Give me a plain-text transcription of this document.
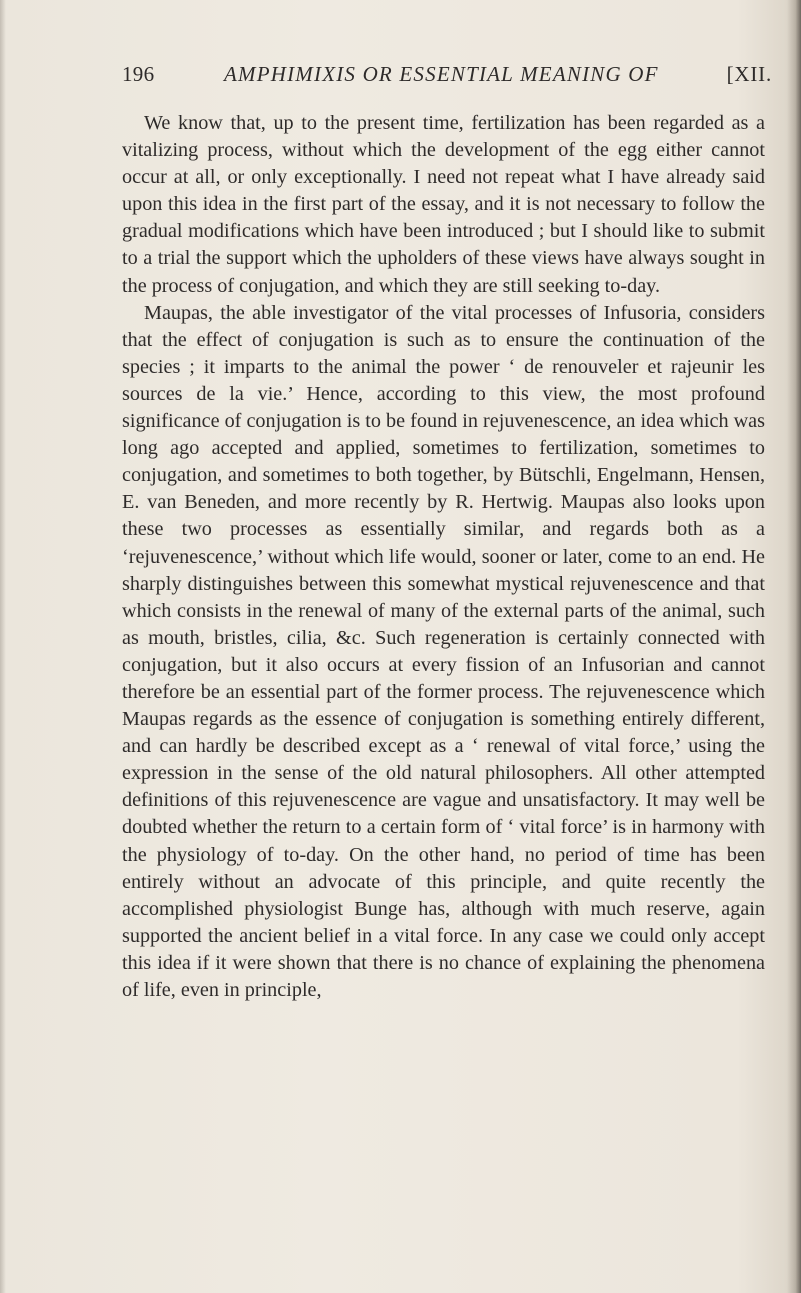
196	AMPHIMIXIS OR ESSENTIAL MEANING OF	[XII.

We know that, up to the present time, fertilization has been regarded as a vitalizing process, without which the development of the egg either cannot occur at all, or only exceptionally. I need not repeat what I have already said upon this idea in the first part of the essay, and it is not necessary to follow the gradual modifications which have been introduced ; but I should like to submit to a trial the support which the upholders of these views have always sought in the process of conjugation, and which they are still seeking to-day.

Maupas, the able investigator of the vital processes of Infusoria, considers that the effect of conjugation is such as to ensure the continuation of the species ; it imparts to the animal the power ‘ de renouveler et rajeunir les sources de la vie.’ Hence, according to this view, the most profound significance of conjugation is to be found in rejuvenescence, an idea which was long ago accepted and applied, sometimes to fertilization, sometimes to conjugation, and sometimes to both together, by Bütschli, Engelmann, Hensen, E. van Beneden, and more recently by R. Hertwig. Maupas also looks upon these two processes as essentially similar, and regards both as a ‘rejuvenescence,’ without which life would, sooner or later, come to an end. He sharply distinguishes between this somewhat mystical rejuvenescence and that which consists in the renewal of many of the external parts of the animal, such as mouth, bristles, cilia, &c. Such regeneration is certainly connected with conjugation, but it also occurs at every fission of an Infusorian and cannot therefore be an essential part of the former process. The rejuvenescence which Maupas regards as the essence of conjugation is something entirely different, and can hardly be described except as a ‘ renewal of vital force,’ using the expression in the sense of the old natural philosophers. All other attempted definitions of this rejuvenescence are vague and unsatisfactory. It may well be doubted whether the return to a certain form of ‘ vital force’ is in harmony with the physiology of to-day. On the other hand, no period of time has been entirely without an advocate of this principle, and quite recently the accomplished physiologist Bunge has, although with much reserve, again supported the ancient belief in a vital force. In any case we could only accept this idea if it were shown that there is no chance of explaining the phenomena of life, even in principle,
